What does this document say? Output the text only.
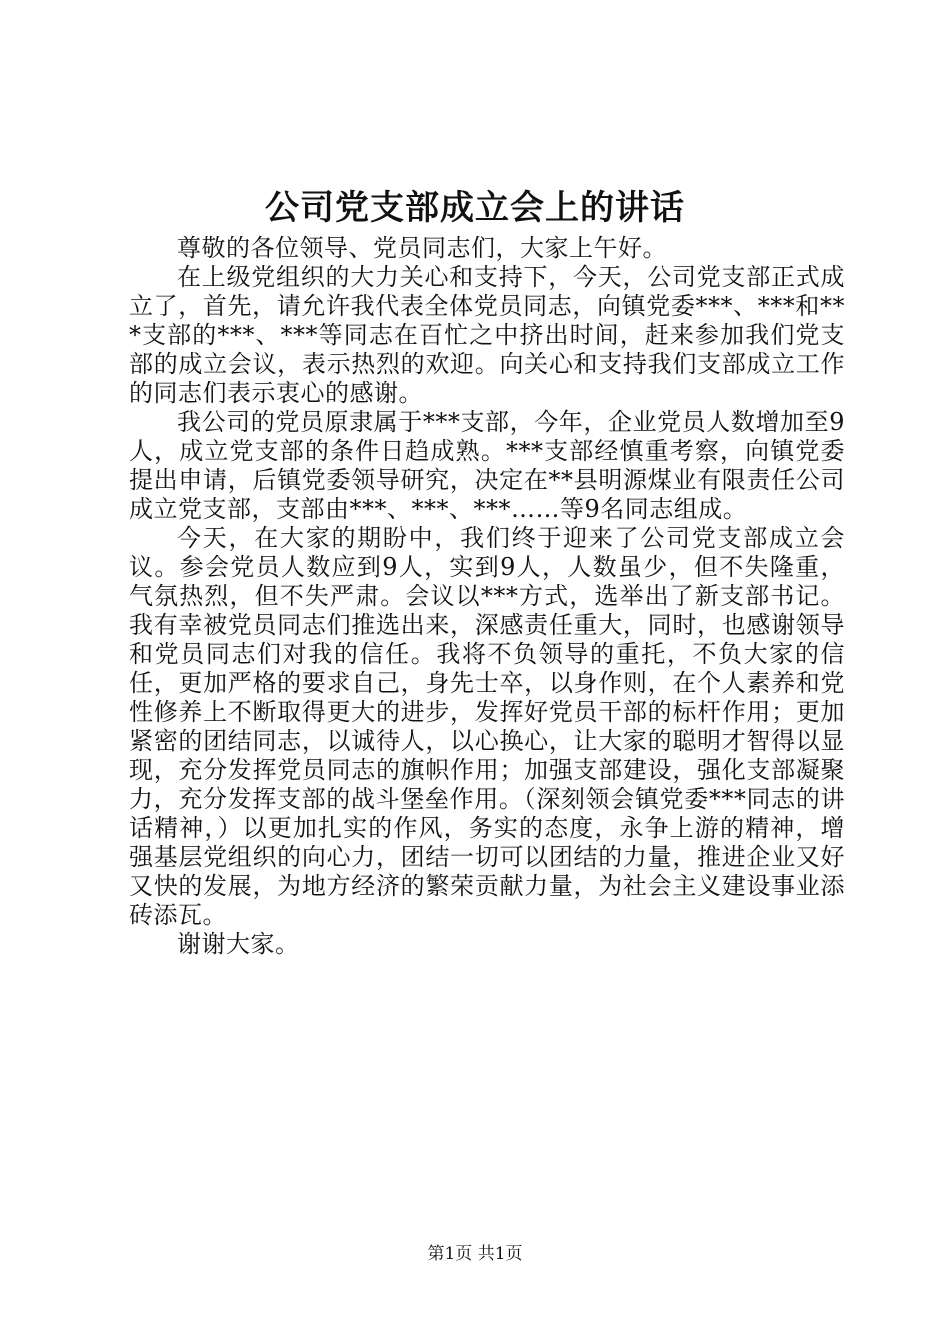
公司党支部成立会上的讲话

尊敬的各位领导、党员同志们，大家上午好。

在上级党组织的大力关心和支持下，今天，公司党支部正式成立了，首先，请允许我代表全体党员同志，向镇党委***、***和***支部的***、***等同志在百忙之中挤出时间，赶来参加我们党支部的成立会议，表示热烈的欢迎。向关心和支持我们支部成立工作的同志们表示衷心的感谢。

我公司的党员原隶属于***支部，今年，企业党员人数增加至9人，成立党支部的条件日趋成熟。***支部经慎重考察，向镇党委提出申请，后镇党委领导研究，决定在**县明源煤业有限责任公司成立党支部，支部由***、***、***……等9名同志组成。

今天，在大家的期盼中，我们终于迎来了公司党支部成立会议。参会党员人数应到9人，实到9人，人数虽少，但不失隆重，气氛热烈，但不失严肃。会议以***方式，选举出了新支部书记。我有幸被党员同志们推选出来，深感责任重大，同时，也感谢领导和党员同志们对我的信任。我将不负领导的重托，不负大家的信任，更加严格的要求自己，身先士卒，以身作则，在个人素养和党性修养上不断取得更大的进步，发挥好党员干部的标杆作用；更加紧密的团结同志，以诚待人，以心换心，让大家的聪明才智得以显现，充分发挥党员同志的旗帜作用；加强支部建设，强化支部凝聚力，充分发挥支部的战斗堡垒作用。（深刻领会镇党委***同志的讲话精神，）以更加扎实的作风，务实的态度，永争上游的精神，增强基层党组织的向心力，团结一切可以团结的力量，推进企业又好又快的发展，为地方经济的繁荣贡献力量，为社会主义建设事业添砖添瓦。

谢谢大家。

第1页 共1页
